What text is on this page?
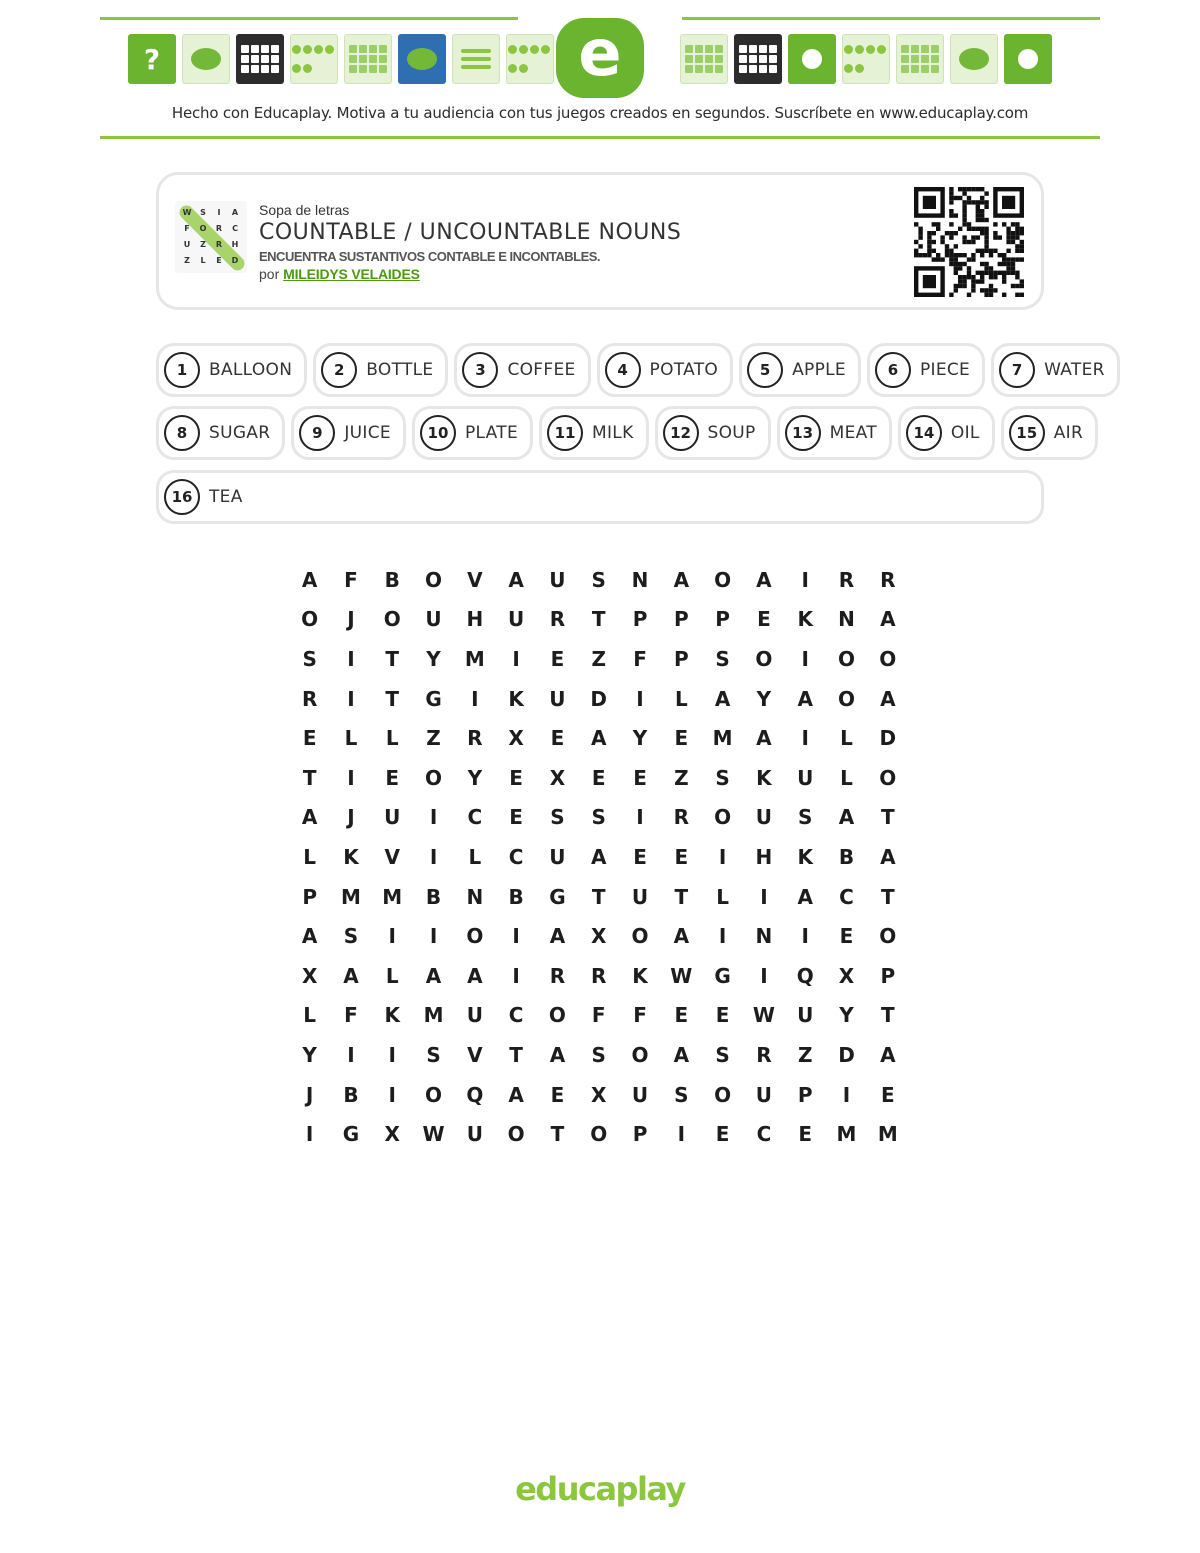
?	e
Hecho con Educaplay. Motiva a tu audiencia con tus juegos creados en segundos. Suscríbete en www.educaplay.com
W	S	I	A
F	O	R	C
U	Z	R	H
Z	L	E	D
Sopa de letras
COUNTABLE / UNCOUNTABLE NOUNS
ENCUENTRA SUSTANTIVOS CONTABLE E INCONTABLES.
por MILEIDYS VELAIDES
1	BALLOON	2	BOTTLE	3	COFFEE	4	POTATO	5	APPLE	6	PIECE	7	WATER
8	SUGAR	9	JUICE	10 PLATE	11 MILK	12 SOUP	13 MEAT	14 OIL	15 AIR
16 TEA
A	F	B	O	V	A	U	S	N	A	O	A	I	R	R
O	J	O	U	H	U	R	T	P	P	P	E	K	N	A
S	I	T	Y	M	I	E	Z	F	P	S	O	I	O	O
R	I	T	G	I	K	U	D	I	L	A	Y	A	O	A
E	L	L	Z	R	X	E	A	Y	E	M	A	I	L	D
T	I	E	O	Y	E	X	E	E	Z	S	K	U	L	O
A	J	U	I	C	E	S	S	I	R	O	U	S	A	T
L	K	V	I	L	C	U	A	E	E	I	H	K	B	A
P	M	M	B	N	B	G	T	U	T	L	I	A	C	T
A	S	I	I	O	I	A	X	O	A	I	N	I	E	O
X	A	L	A	A	I	R	R	K	W	G	I	Q	X	P
L	F	K	M	U	C	O	F	F	E	E	W	U	Y	T
Y	I	I	S	V	T	A	S	O	A	S	R	Z	D	A
J	B	I	O	Q	A	E	X	U	S	O	U	P	I	E
I	G	X	W	U	O	T	O	P	I	E	C	E	M	M
educaplay
